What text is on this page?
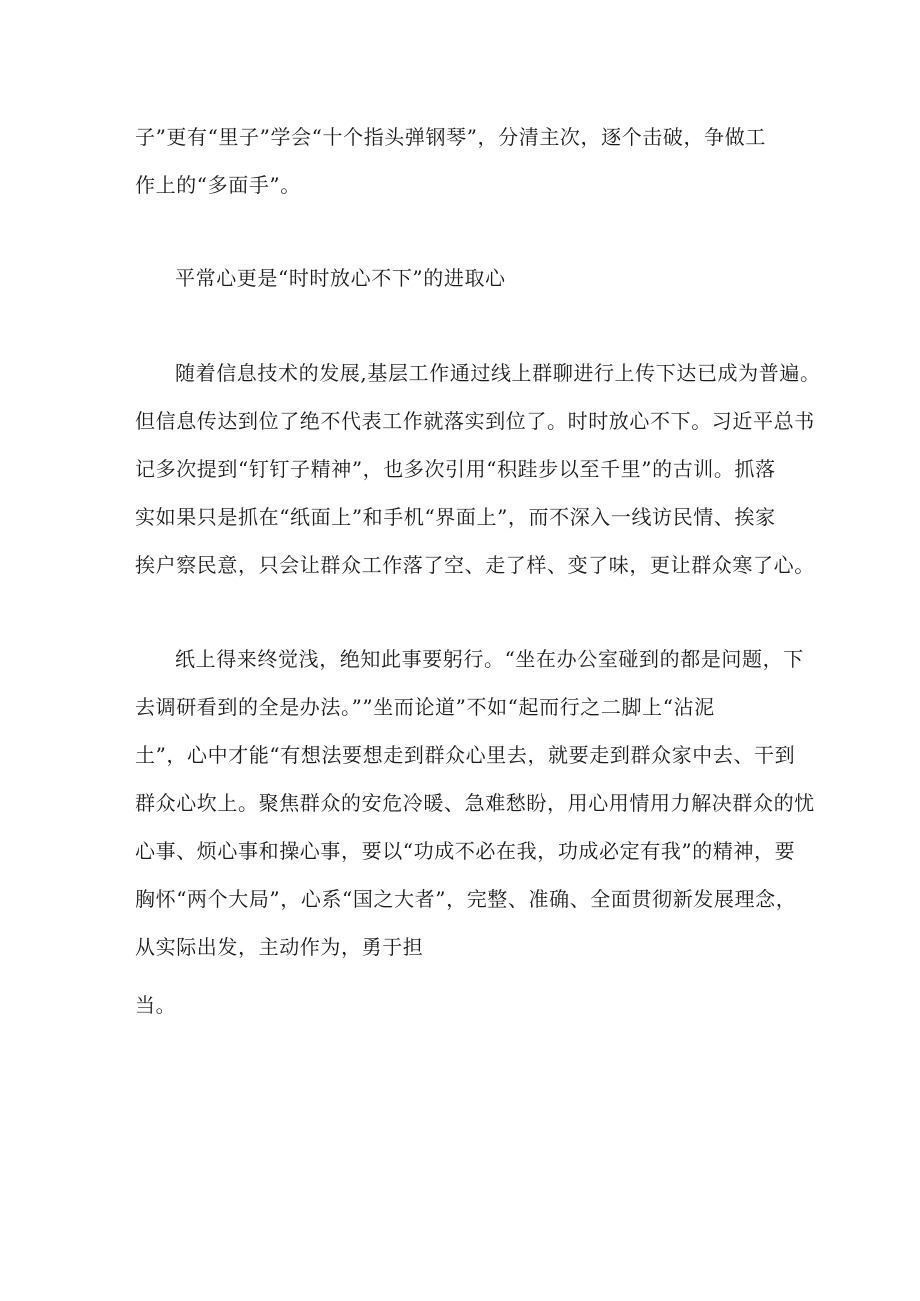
子”更有“里子”学会“十个指头弹钢琴”，分清主次，逐个击破，争做工
作上的“多面手”。
平常心更是“时时放心不下”的进取心
随着信息技术的发展,基层工作通过线上群聊进行上传下达已成为普遍。
但信息传达到位了绝不代表工作就落实到位了。时时放心不下。习近平总书
记多次提到“钉钉子精神”，也多次引用“积跬步以至千里”的古训。抓落
实如果只是抓在“纸面上”和手机“界面上”，而不深入一线访民情、挨家
挨户察民意，只会让群众工作落了空、走了样、变了味，更让群众寒了心。
纸上得来终觉浅，绝知此事要躬行。“坐在办公室碰到的都是问题，下
去调研看到的全是办法。””坐而论道”不如“起而行之二脚上“沾泥
土”，心中才能“有想法要想走到群众心里去，就要走到群众家中去、干到
群众心坎上。聚焦群众的安危冷暖、急难愁盼，用心用情用力解决群众的忧
心事、烦心事和操心事，要以“功成不必在我，功成必定有我”的精神，要
胸怀“两个大局”，心系“国之大者”，完整、准确、全面贯彻新发展理念，
从实际出发，主动作为，勇于担
当。
